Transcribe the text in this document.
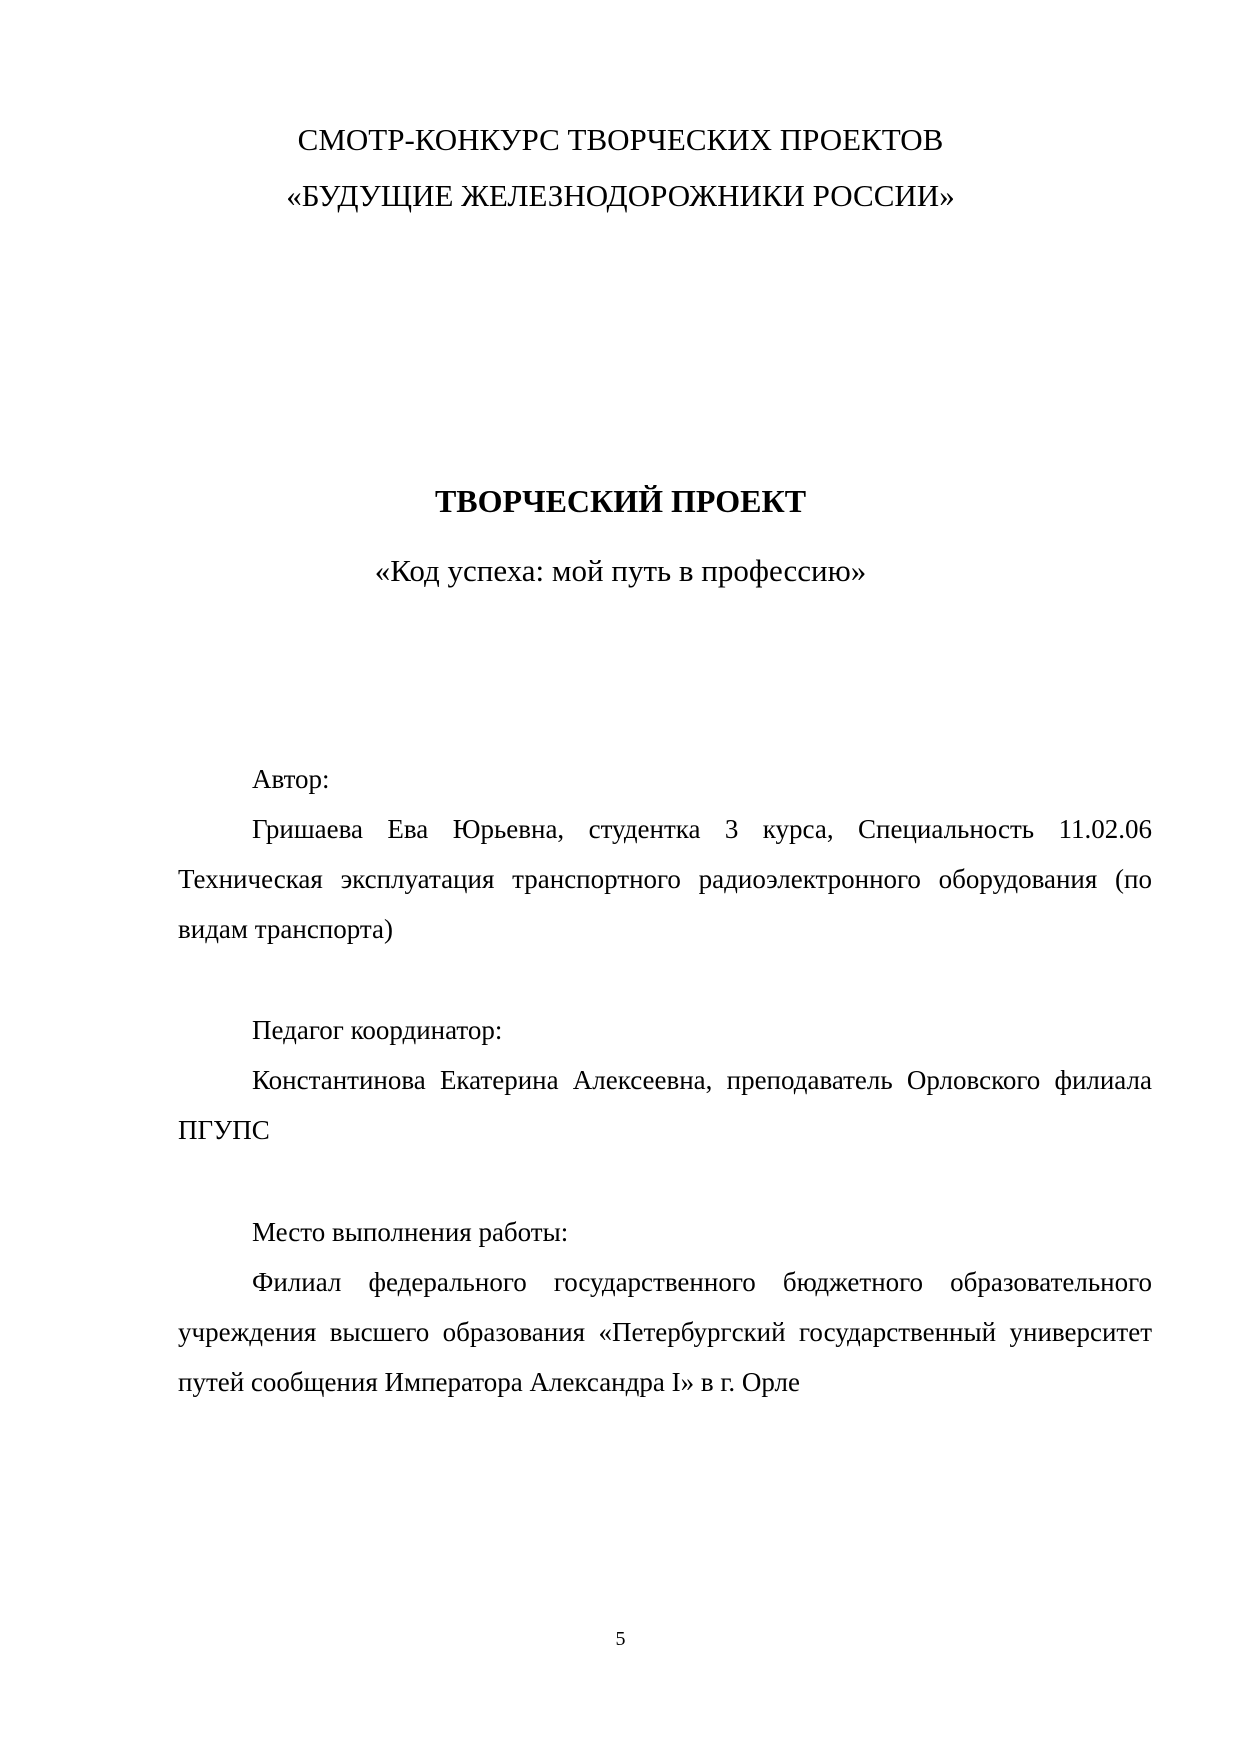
СМОТР-КОНКУРС ТВОРЧЕСКИХ ПРОЕКТОВ
«БУДУЩИЕ ЖЕЛЕЗНОДОРОЖНИКИ РОССИИ»
ТВОРЧЕСКИЙ ПРОЕКТ
«Код успеха: мой путь в профессию»
Автор:
Гришаева Ева Юрьевна, студентка 3 курса, Специальность 11.02.06 Техническая эксплуатация транспортного радиоэлектронного оборудования (по видам транспорта)
Педагог координатор:
Константинова Екатерина Алексеевна, преподаватель Орловского филиала ПГУПС
Место выполнения работы:
Филиал федерального государственного бюджетного образовательного учреждения высшего образования «Петербургский государственный университет путей сообщения Императора Александра I» в г. Орле
5
